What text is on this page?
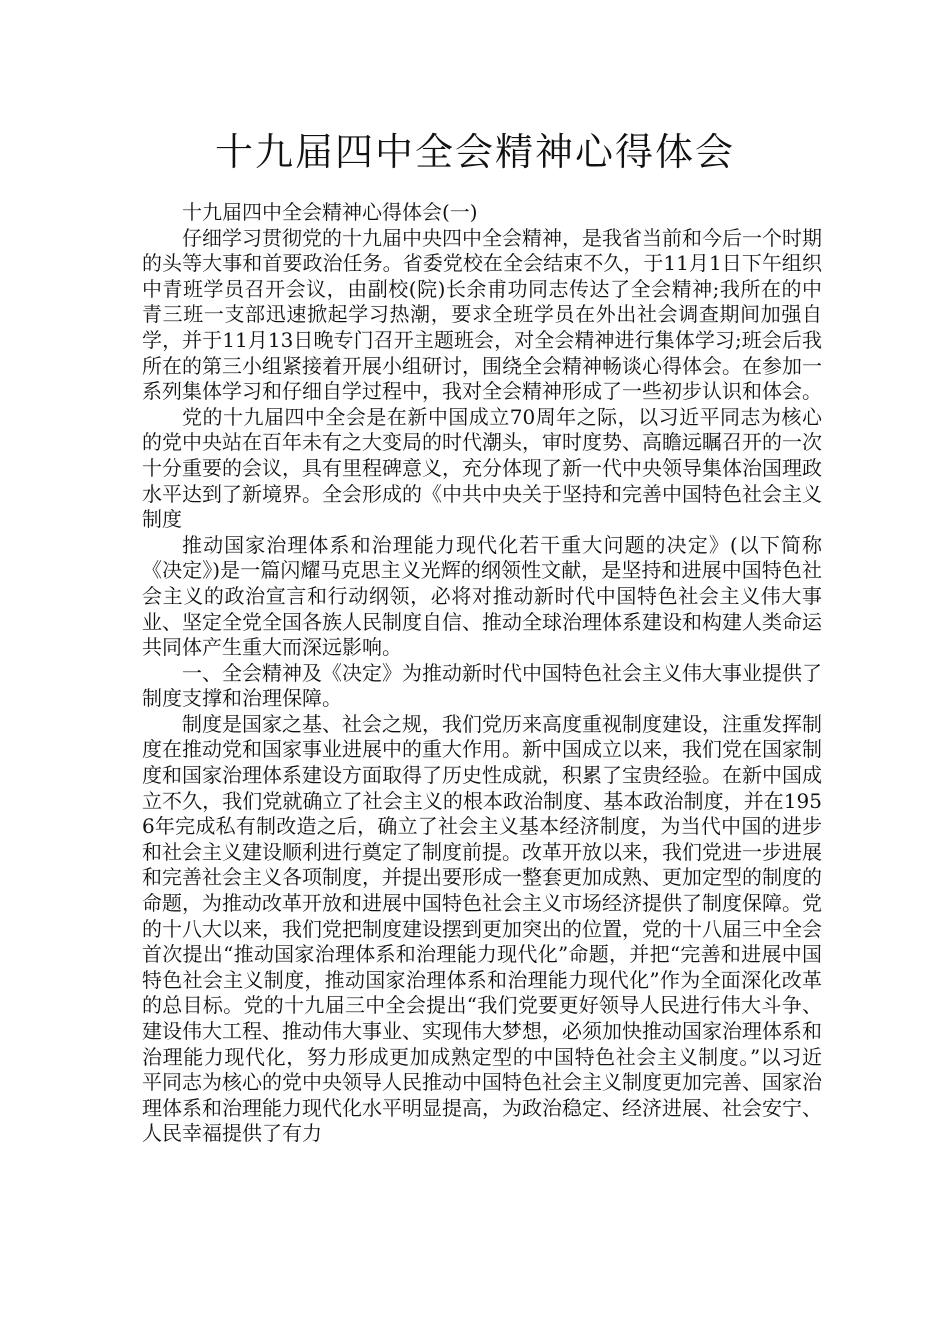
十九届四中全会精神心得体会

十九届四中全会精神心得体会(一)

仔细学习贯彻党的十九届中央四中全会精神，是我省当前和今后一个时期的头等大事和首要政治任务。省委党校在全会结束不久，于11月1日下午组织中青班学员召开会议，由副校(院)长余甫功同志传达了全会精神;我所在的中青三班一支部迅速掀起学习热潮，要求全班学员在外出社会调查期间加强自学，并于11月13日晚专门召开主题班会，对全会精神进行集体学习;班会后我所在的第三小组紧接着开展小组研讨，围绕全会精神畅谈心得体会。在参加一系列集体学习和仔细自学过程中，我对全会精神形成了一些初步认识和体会。

党的十九届四中全会是在新中国成立70周年之际，以习近平同志为核心的党中央站在百年未有之大变局的时代潮头，审时度势、高瞻远瞩召开的一次十分重要的会议，具有里程碑意义，充分体现了新一代中央领导集体治国理政水平达到了新境界。全会形成的《中共中央关于坚持和完善中国特色社会主义制度

推动国家治理体系和治理能力现代化若干重大问题的决定》(以下简称《决定》)是一篇闪耀马克思主义光辉的纲领性文献，是坚持和进展中国特色社会主义的政治宣言和行动纲领，必将对推动新时代中国特色社会主义伟大事业、坚定全党全国各族人民制度自信、推动全球治理体系建设和构建人类命运共同体产生重大而深远影响。

一、全会精神及《决定》为推动新时代中国特色社会主义伟大事业提供了制度支撑和治理保障。

制度是国家之基、社会之规，我们党历来高度重视制度建设，注重发挥制度在推动党和国家事业进展中的重大作用。新中国成立以来，我们党在国家制度和国家治理体系建设方面取得了历史性成就，积累了宝贵经验。在新中国成立不久，我们党就确立了社会主义的根本政治制度、基本政治制度，并在1956年完成私有制改造之后，确立了社会主义基本经济制度，为当代中国的进步和社会主义建设顺利进行奠定了制度前提。改革开放以来，我们党进一步进展和完善社会主义各项制度，并提出要形成一整套更加成熟、更加定型的制度的命题，为推动改革开放和进展中国特色社会主义市场经济提供了制度保障。党的十八大以来，我们党把制度建设摆到更加突出的位置，党的十八届三中全会首次提出“推动国家治理体系和治理能力现代化”命题，并把“完善和进展中国特色社会主义制度，推动国家治理体系和治理能力现代化”作为全面深化改革的总目标。党的十九届三中全会提出“我们党要更好领导人民进行伟大斗争、建设伟大工程、推动伟大事业、实现伟大梦想，必须加快推动国家治理体系和治理能力现代化，努力形成更加成熟定型的中国特色社会主义制度。”以习近平同志为核心的党中央领导人民推动中国特色社会主义制度更加完善、国家治理体系和治理能力现代化水平明显提高，为政治稳定、经济进展、社会安宁、人民幸福提供了有力
